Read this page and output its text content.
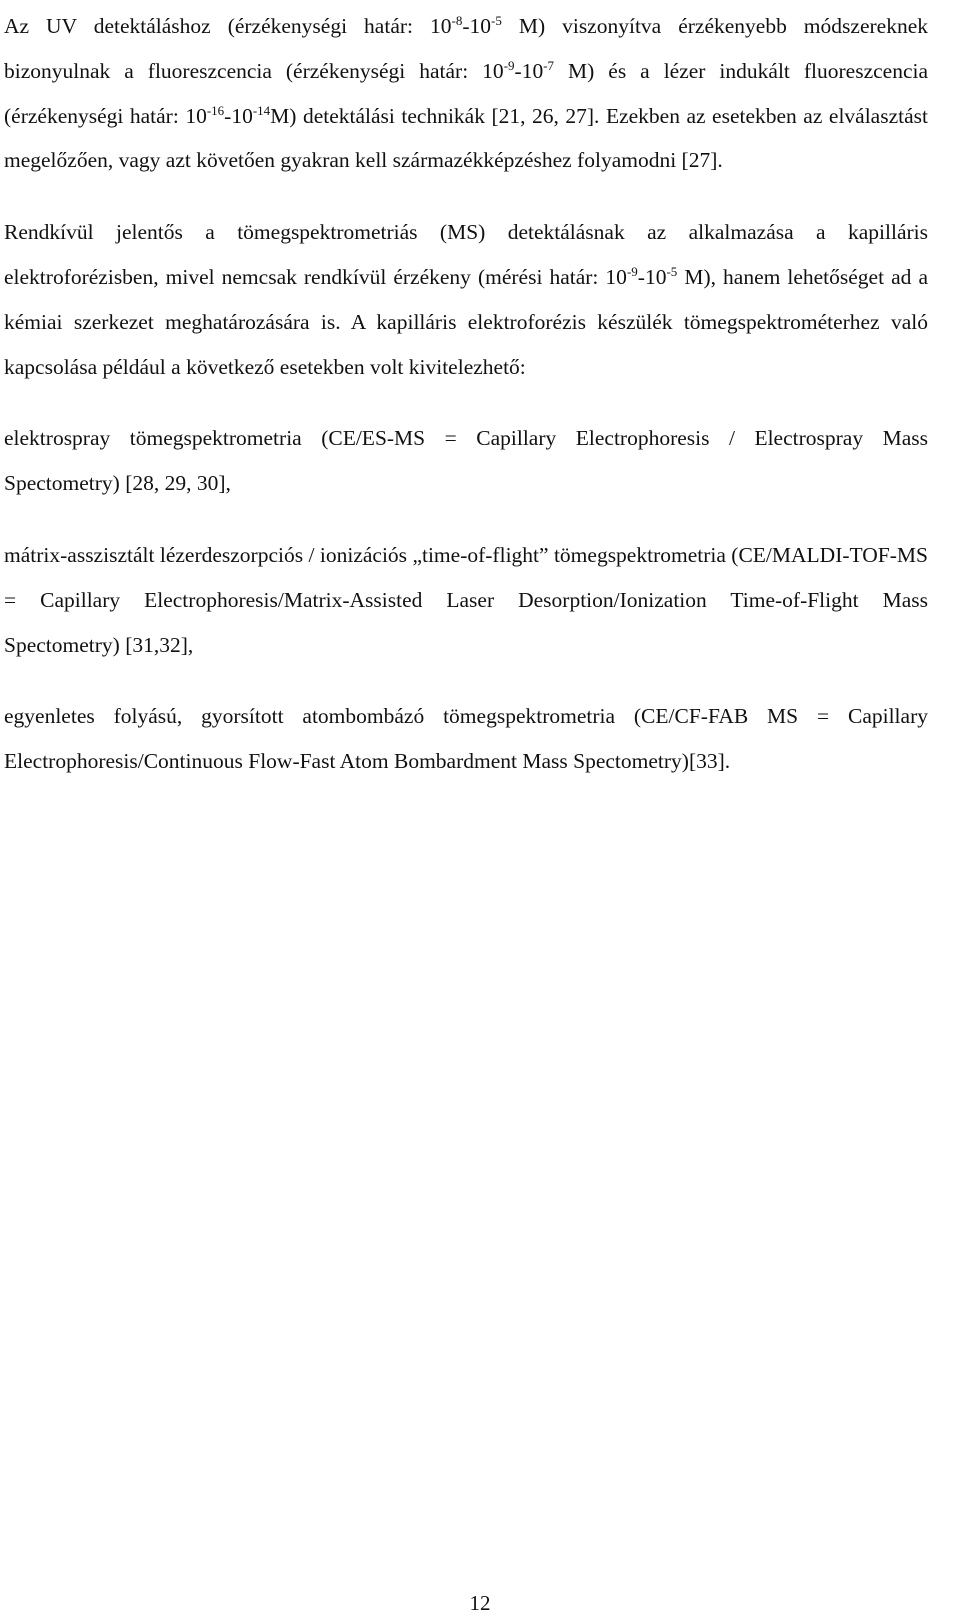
Az UV detektáláshoz (érzékenységi határ: $10^{-8}-10^{-5}$ M) viszonyítva érzékenyebb módszereknek bizonyulnak a fluoreszcencia (érzékenységi határ: $10^{-9}-10^{-7}$ M) és a lézer indukált fluoreszcencia (érzékenységi határ: $10^{-16}-10^{-14}M$) detektálási technikák [21, 26, 27]. Ezekben az esetekben az elválasztást megelőzően, vagy azt követően gyakran kell származékképzéshez folyamodni [27].

Rendkívül jelentős a tömegspektrometriás (MS) detektálásnak az alkalmazása a kapilláris elektroforézisben, mivel nemcsak rendkívül érzékeny (mérési határ: $10^{-9}-10^{-5}$ M), hanem lehetőséget ad a kémiai szerkezet meghatározására is. A kapilláris elektroforézis készülék tömegspektrométerhez való kapcsolása például a következő esetekben volt kivitelezhető:

elektrospray tömegspektrometria (CE/ES-MS = Capillary Electrophoresis / Electrospray Mass Spectometry) [28, 29, 30],

mátrix-asszisztált lézerdeszorpciós / ionizációs „time-of-flight” tömegspektrometria (CE/MALDI-TOF-MS = Capillary Electrophoresis/Matrix-Assisted Laser Desorption/Ionization Time-of-Flight Mass Spectometry) [31,32],

egyenletes folyású, gyorsított atombombázó tömegspektrometria (CE/CF-FAB MS = Capillary Electrophoresis/Continuous Flow-Fast Atom Bombardment Mass Spectometry)[33].

12
